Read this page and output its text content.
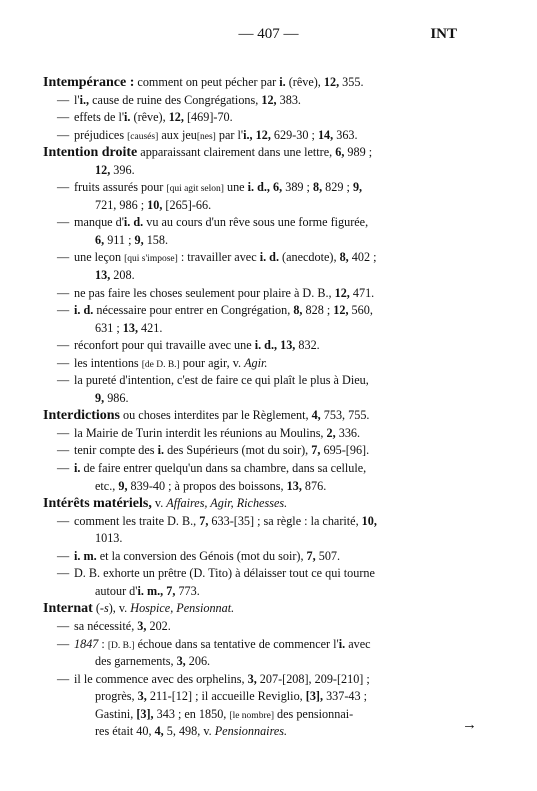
— 407 —	INT
Intempérance : comment on peut pécher par i. (rêve), 12, 355.
— l'i., cause de ruine des Congrégations, 12, 383.
— effets de l'i. (rêve), 12, [469]-70.
— préjudices [causés] aux jeu[nes] par l'i., 12, 629-30 ; 14, 363.
Intention droite apparaissant clairement dans une lettre, 6, 989 ;
12, 396.
— fruits assurés pour [qui agit selon] une i. d., 6, 389 ; 8, 829 ; 9,
721, 986 ; 10, [265]-66.
— manque d'i. d. vu au cours d'un rêve sous une forme figurée,
6, 911 ; 9, 158.
— une leçon [qui s'impose] : travailler avec i. d. (anecdote), 8, 402 ;
13, 208.
— ne pas faire les choses seulement pour plaire à D. B., 12, 471.
— i. d. nécessaire pour entrer en Congrégation, 8, 828 ; 12, 560,
631 ; 13, 421.
— réconfort pour qui travaille avec une i. d., 13, 832.
— les intentions [de D. B.] pour agir, v. Agir.
— la pureté d'intention, c'est de faire ce qui plaît le plus à Dieu,
9, 986.
Interdictions ou choses interdites par le Règlement, 4, 753, 755.
— la Mairie de Turin interdit les réunions au Moulins, 2, 336.
— tenir compte des i. des Supérieurs (mot du soir), 7, 695-[96].
— i. de faire entrer quelqu'un dans sa chambre, dans sa cellule,
etc., 9, 839-40 ; à propos des boissons, 13, 876.
Intérêts matériels, v. Affaires, Agir, Richesses.
— comment les traite D. B., 7, 633-[35] ; sa règle : la charité, 10,
1013.
— i. m. et la conversion des Génois (mot du soir), 7, 507.
— D. B. exhorte un prêtre (D. Tito) à délaisser tout ce qui tourne
autour d'i. m., 7, 773.
Internat (-s), v. Hospice, Pensionnat.
— sa nécessité, 3, 202.
— 1847 : [D. B.] échoue dans sa tentative de commencer l'i. avec
des garnements, 3, 206.
— il le commence avec des orphelins, 3, 207-[208], 209-[210] ;
progrès, 3, 211-[12] ; il accueille Reviglio, [3], 337-43 ;
Gastini, [3], 343 ; en 1850, [le nombre] des pensionnai-
res était 40, 4, 5, 498, v. Pensionnaires.	→
